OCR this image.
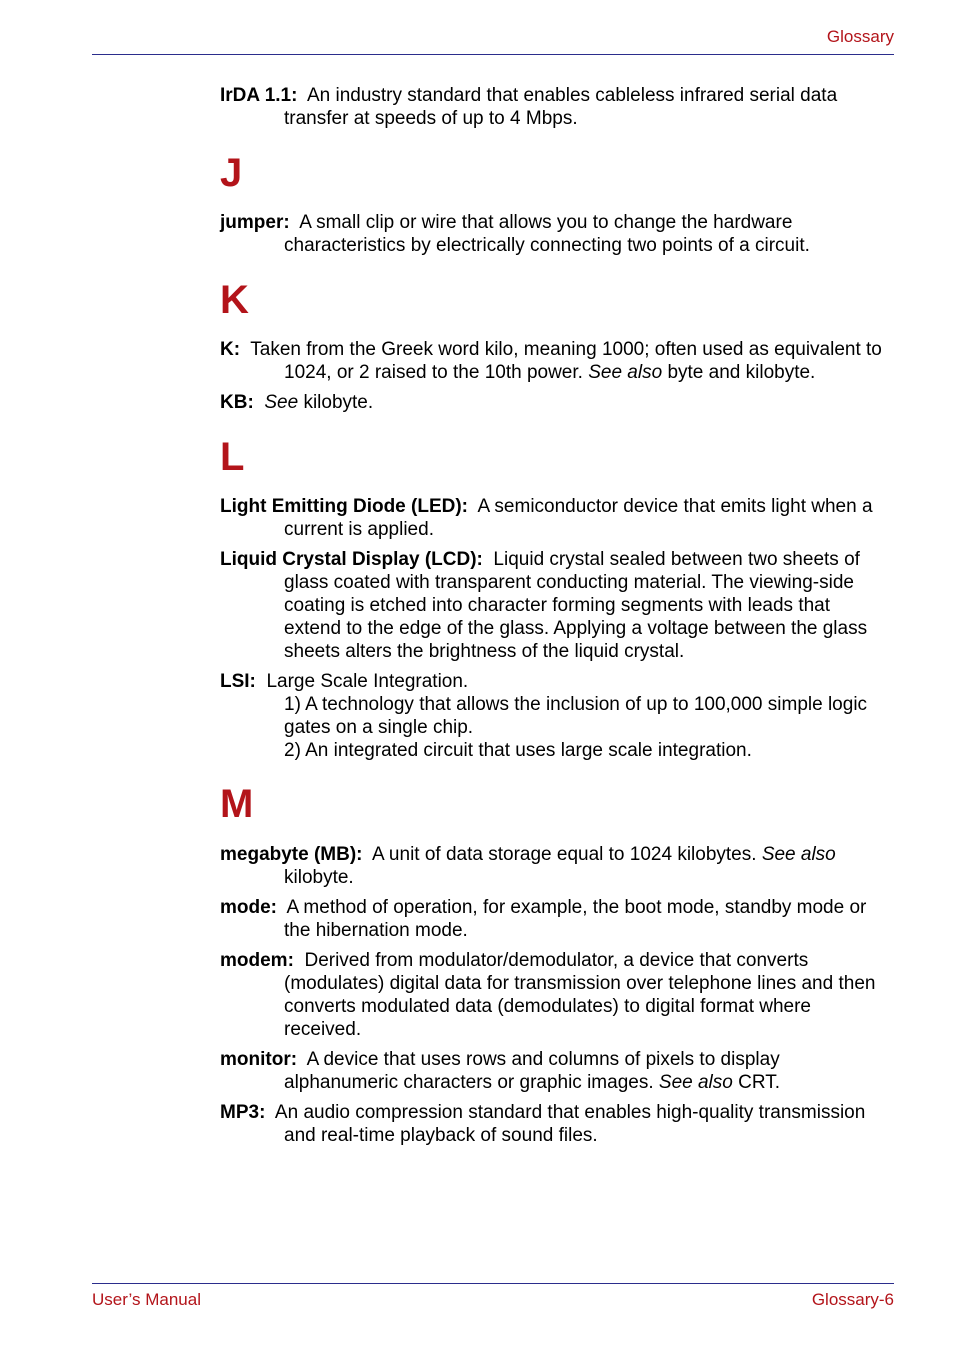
Glossary

IrDA 1.1: An industry standard that enables cableless infrared serial data transfer at speeds of up to 4 Mbps.

J

jumper: A small clip or wire that allows you to change the hardware characteristics by electrically connecting two points of a circuit.

K

K: Taken from the Greek word kilo, meaning 1000; often used as equivalent to 1024, or 2 raised to the 10th power. See also byte and kilobyte.

KB: See kilobyte.

L

Light Emitting Diode (LED): A semiconductor device that emits light when a current is applied.

Liquid Crystal Display (LCD): Liquid crystal sealed between two sheets of glass coated with transparent conducting material. The viewing-side coating is etched into character forming segments with leads that extend to the edge of the glass. Applying a voltage between the glass sheets alters the brightness of the liquid crystal.

LSI: Large Scale Integration.
1) A technology that allows the inclusion of up to 100,000 simple logic gates on a single chip.
2) An integrated circuit that uses large scale integration.

M

megabyte (MB): A unit of data storage equal to 1024 kilobytes. See also kilobyte.

mode: A method of operation, for example, the boot mode, standby mode or the hibernation mode.

modem: Derived from modulator/demodulator, a device that converts (modulates) digital data for transmission over telephone lines and then converts modulated data (demodulates) to digital format where received.

monitor: A device that uses rows and columns of pixels to display alphanumeric characters or graphic images. See also CRT.

MP3: An audio compression standard that enables high-quality transmission and real-time playback of sound files.

User’s Manual	Glossary-6
